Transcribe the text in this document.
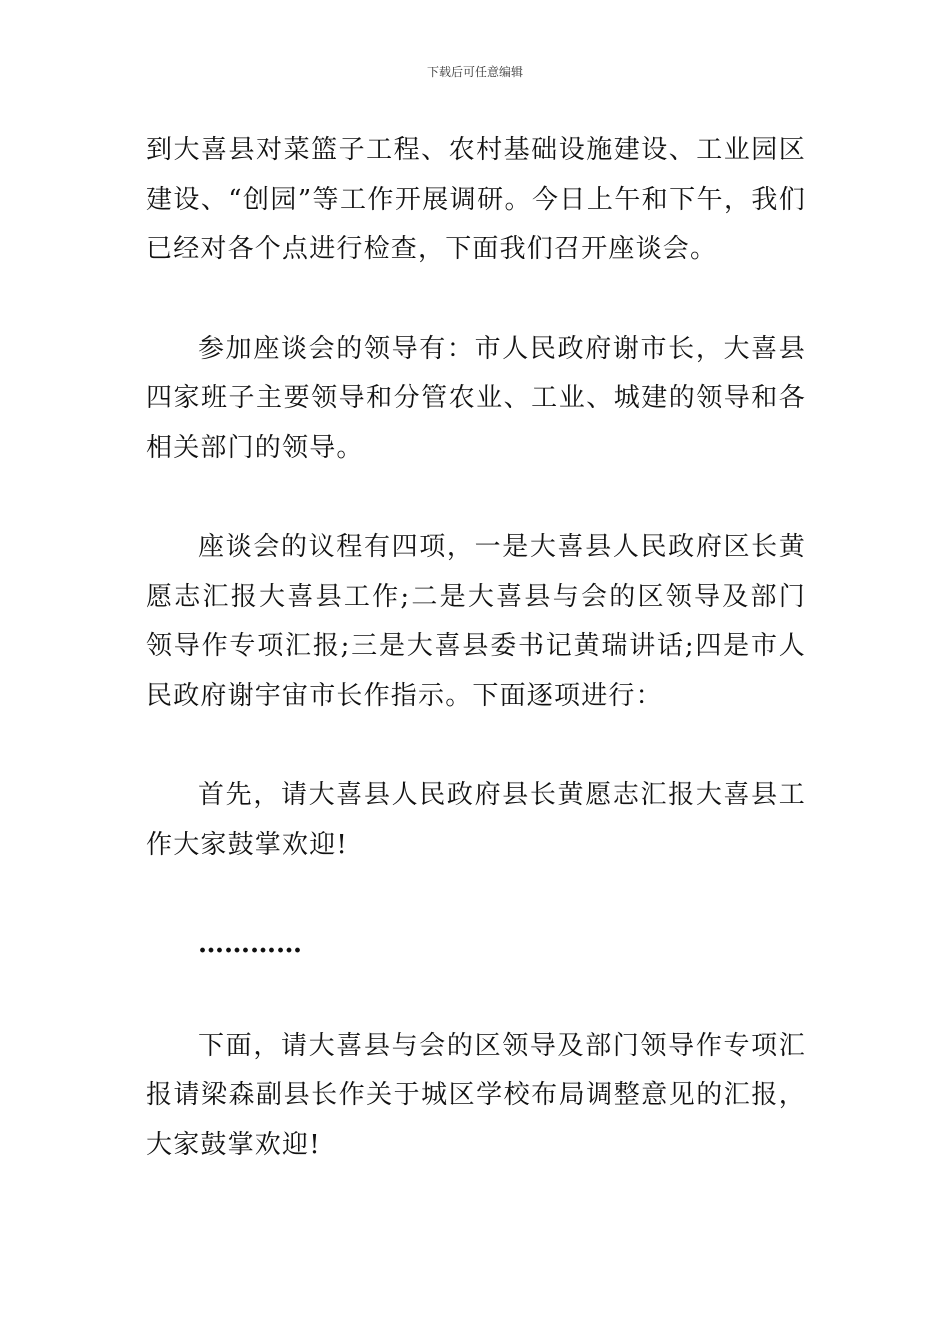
下载后可任意编辑

到大喜县对菜篮子工程、农村基础设施建设、工业园区建设、“创园”等工作开展调研。今日上午和下午，我们已经对各个点进行检查，下面我们召开座谈会。

参加座谈会的领导有：市人民政府谢市长，大喜县四家班子主要领导和分管农业、工业、城建的领导和各相关部门的领导。

座谈会的议程有四项，一是大喜县人民政府区长黄愿志汇报大喜县工作;二是大喜县与会的区领导及部门领导作专项汇报;三是大喜县委书记黄瑞讲话;四是市人民政府谢宇宙市长作指示。下面逐项进行：

首先，请大喜县人民政府县长黄愿志汇报大喜县工作大家鼓掌欢迎!

…………

下面，请大喜县与会的区领导及部门领导作专项汇报请梁森副县长作关于城区学校布局调整意见的汇报，大家鼓掌欢迎!
